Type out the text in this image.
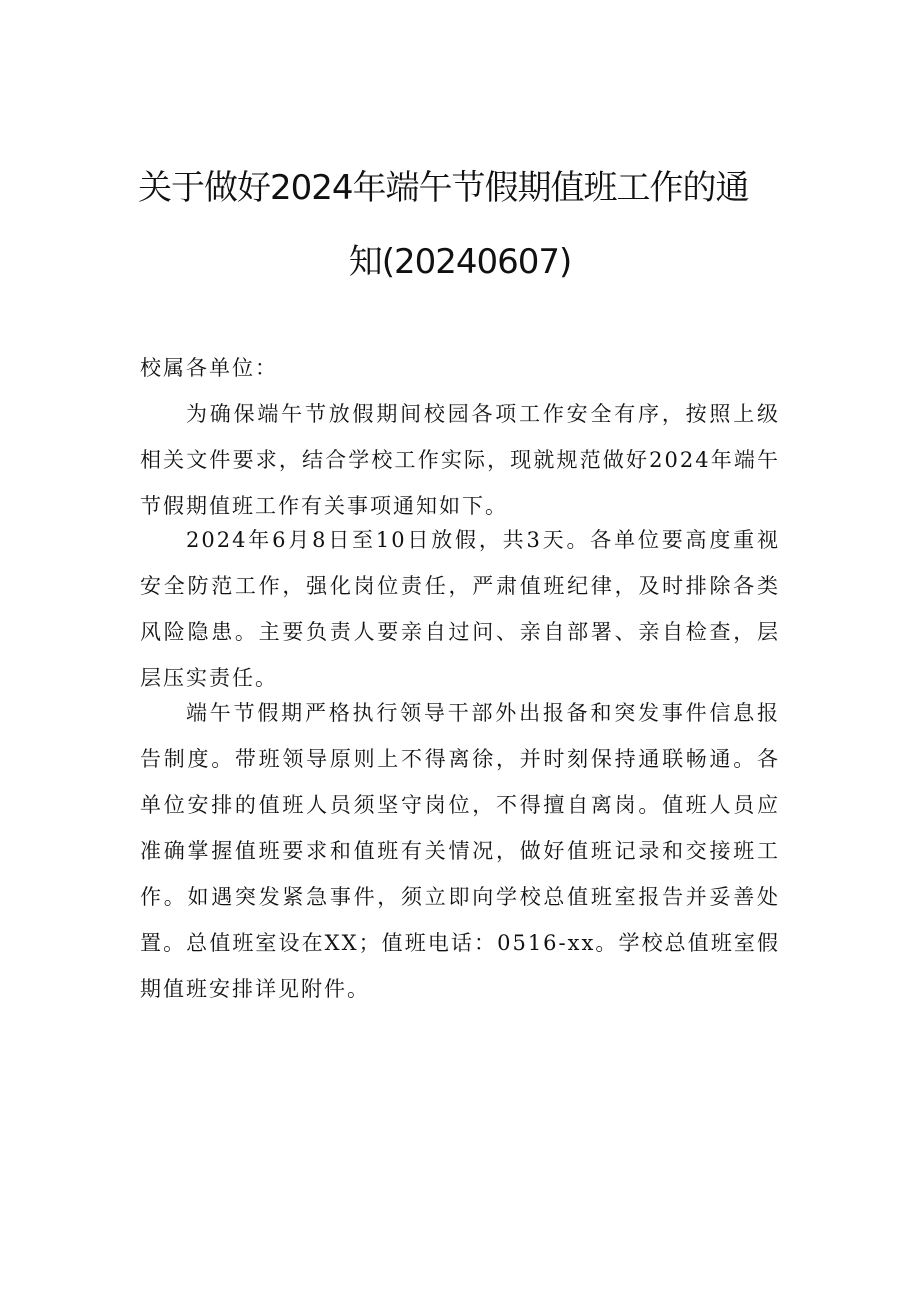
关于做好2024年端午节假期值班工作的通
知(20240607)
校属各单位：

为确保端午节放假期间校园各项工作安全有序，按照上级相关文件要求，结合学校工作实际，现就规范做好2024年端午节假期值班工作有关事项通知如下。

2024年6月8日至10日放假，共3天。各单位要高度重视安全防范工作，强化岗位责任，严肃值班纪律，及时排除各类风险隐患。主要负责人要亲自过问、亲自部署、亲自检查，层层压实责任。

端午节假期严格执行领导干部外出报备和突发事件信息报告制度。带班领导原则上不得离徐，并时刻保持通联畅通。各单位安排的值班人员须坚守岗位，不得擅自离岗。值班人员应准确掌握值班要求和值班有关情况，做好值班记录和交接班工作。如遇突发紧急事件，须立即向学校总值班室报告并妥善处置。总值班室设在XX；值班电话：0516-xx。学校总值班室假期值班安排详见附件。
